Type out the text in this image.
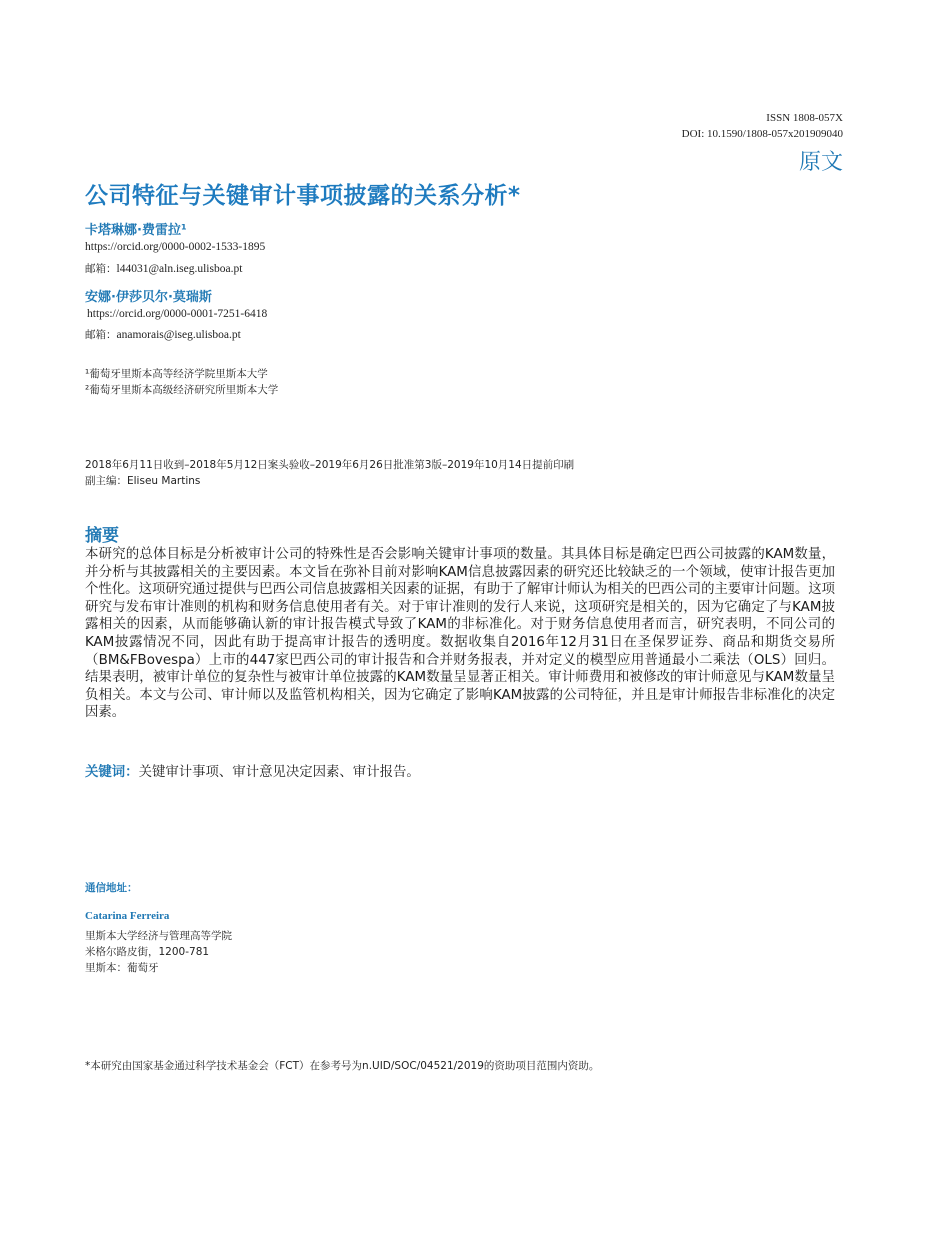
ISSN 1808-057X
DOI: 10.1590/1808-057x201909040
原文
公司特征与关键审计事项披露的关系分析*
卡塔琳娜·费雷拉¹
https://orcid.org/0000-0002-1533-1895
邮箱：l44031@aln.iseg.ulisboa.pt
安娜·伊莎贝尔·莫瑞斯
https://orcid.org/0000-0001-7251-6418
邮箱：anamorais@iseg.ulisboa.pt
¹葡萄牙里斯本高等经济学院里斯本大学
²葡萄牙里斯本高级经济研究所里斯本大学
2018年6月11日收到–2018年5月12日案头验收–2019年6月26日批准第3版–2019年10月14日提前印刷
副主编：Eliseu Martins
摘要
本研究的总体目标是分析被审计公司的特殊性是否会影响关键审计事项的数量。其具体目标是确定巴西公司披露的KAM数量，并分析与其披露相关的主要因素。本文旨在弥补目前对影响KAM信息披露因素的研究还比较缺乏的一个领域，使审计报告更加个性化。这项研究通过提供与巴西公司信息披露相关因素的证据，有助于了解审计师认为相关的巴西公司的主要审计问题。这项研究与发布审计准则的机构和财务信息使用者有关。对于审计准则的发行人来说，这项研究是相关的，因为它确定了与KAM披露相关的因素，从而能够确认新的审计报告模式导致了KAM的非标准化。对于财务信息使用者而言，研究表明，不同公司的KAM披露情况不同，因此有助于提高审计报告的透明度。数据收集自2016年12月31日在圣保罗证券、商品和期货交易所（BM&FBovespa）上市的447家巴西公司的审计报告和合并财务报表，并对定义的模型应用普通最小二乘法（OLS）回归。结果表明，被审计单位的复杂性与被审计单位披露的KAM数量呈显著正相关。审计师费用和被修改的审计师意见与KAM数量呈负相关。本文与公司、审计师以及监管机构相关，因为它确定了影响KAM披露的公司特征，并且是审计师报告非标准化的决定因素。
关键词：关键审计事项、审计意见决定因素、审计报告。
通信地址：
Catarina Ferreira
里斯本大学经济与管理高等学院
米格尔路皮街，1200-781
里斯本：葡萄牙
*本研究由国家基金通过科学技术基金会（FCT）在参考号为n.UID/SOC/04521/2019的资助项目范围内资助。
